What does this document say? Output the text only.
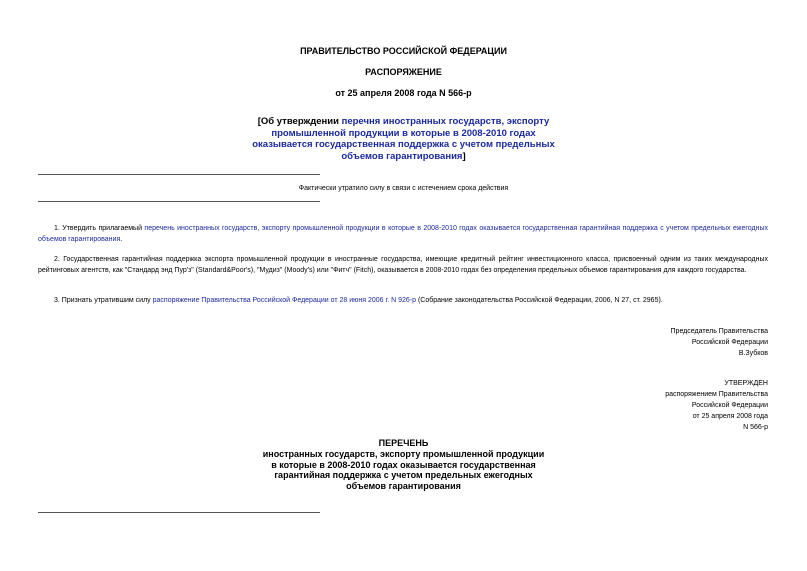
ПРАВИТЕЛЬСТВО РОССИЙСКОЙ ФЕДЕРАЦИИ
РАСПОРЯЖЕНИЕ
от 25 апреля 2008 года N 566-р
[Об утверждении перечня иностранных государств, экспорту
промышленной продукции в которые в 2008-2010 годах
оказывается государственная поддержка с учетом предельных
объемов гарантирования]
Фактически утратило силу в связи с истечением срока действия
1. Утвердить прилагаемый перечень иностранных государств, экспорту промышленной продукции в которые в 2008-2010 годах оказывается государственная гарантийная поддержка с учетом предельных ежегодных объемов гарантирования.
2. Государственная гарантийная поддержка экспорта промышленной продукции в иностранные государства, имеющие кредитный рейтинг инвестиционного класса, присвоенный одним из таких международных рейтинговых агентств, как "Стандард энд Пур'з" (Standard&Poor's), "Мудиз" (Moody's) или "Фитч" (Fitch), оказывается в 2008-2010 годах без определения предельных объемов гарантирования для каждого государства.
3. Признать утратившим силу распоряжение Правительства Российской Федерации от 28 июня 2006 г. N 926-р (Собрание законодательства Российской Федерации, 2006, N 27, ст. 2965).
Председатель Правительства
Российской Федерации
В.Зубков
УТВЕРЖДЕН
распоряжением Правительства
Российской Федерации
от 25 апреля 2008 года
N 566-р
ПЕРЕЧЕНЬ
иностранных государств, экспорту промышленной продукции
в которые в 2008-2010 годах оказывается государственная
гарантийная поддержка с учетом предельных ежегодных
объемов гарантирования
